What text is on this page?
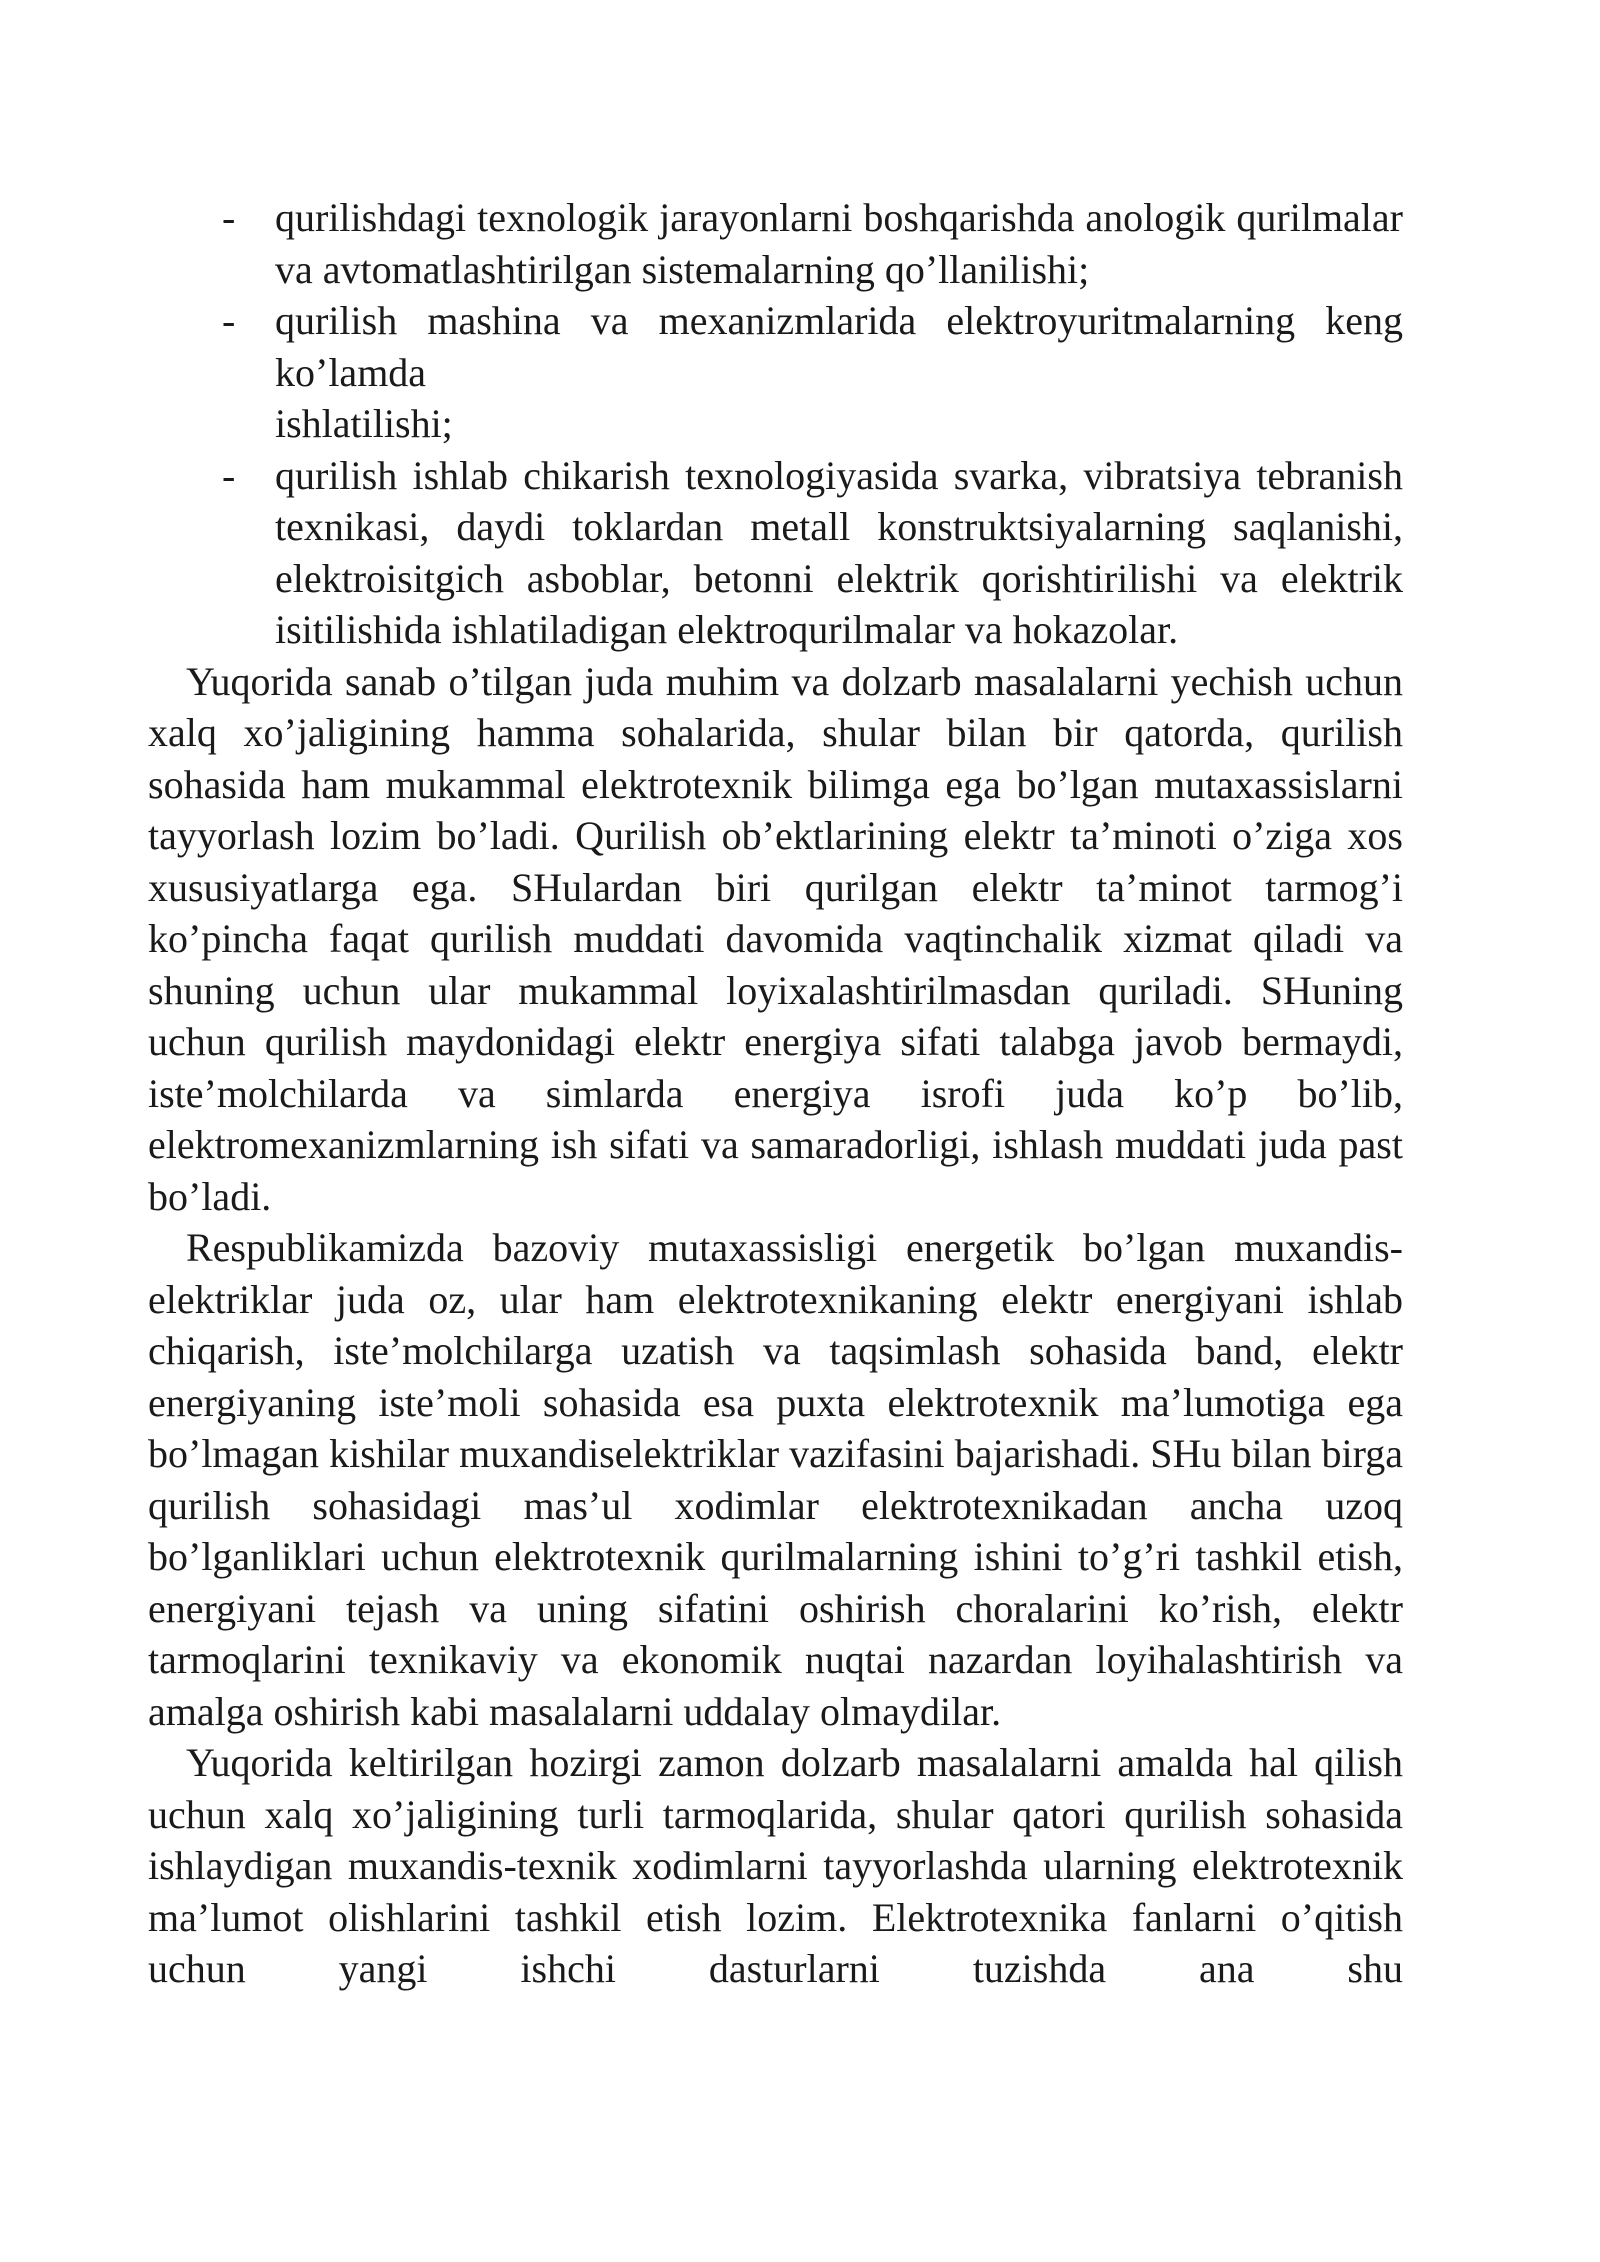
- qurilishdagi texnologik jarayonlarni boshqarishda anologik qurilmalar va avtomatlashtirilgan sistemalarning qo’llanilishi;
- qurilish mashina va mexanizmlarida elektroyuritmalarning keng ko’lamda
ishlatilishi;
- qurilish ishlab chikarish texnologiyasida svarka, vibratsiya tebranish texnikasi, daydi toklardan metall konstruktsiyalarning saqlanishi, elektroisitgich asboblar, betonni elektrik qorishtirilishi va elektrik isitilishida ishlatiladigan elektroqurilmalar va hokazolar.

Yuqorida sanab o’tilgan juda muhim va dolzarb masalalarni yechish uchun xalq xo’jaligining hamma sohalarida, shular bilan bir qatorda, qurilish sohasida ham mukammal elektrotexnik bilimga ega bo’lgan mutaxassislarni tayyorlash lozim bo’ladi. Qurilish ob’ektlarining elektr ta’minoti o’ziga xos xususiyatlarga ega. SHulardan biri qurilgan elektr ta’minot tarmog’i ko’pincha faqat qurilish muddati davomida vaqtinchalik xizmat qiladi va shuning uchun ular mukammal loyixalashtirilmasdan quriladi. SHuning uchun qurilish maydonidagi elektr energiya sifati talabga javob bermaydi, iste’molchilarda va simlarda energiya isrofi juda ko’p bo’lib, elektromexanizmlarning ish sifati va samaradorligi, ishlash muddati juda past bo’ladi.

Respublikamizda bazoviy mutaxassisligi energetik bo’lgan muxandis-elektriklar juda oz, ular ham elektrotexnikaning elektr energiyani ishlab chiqarish, iste’molchilarga uzatish va taqsimlash sohasida band, elektr energiyaning iste’moli sohasida esa puxta elektrotexnik ma’lumotiga ega bo’lmagan kishilar muxandiselektriklar vazifasini bajarishadi. SHu bilan birga qurilish sohasidagi mas’ul xodimlar elektrotexnikadan ancha uzoq bo’lganliklari uchun elektrotexnik qurilmalarning ishini to’g’ri tashkil etish, energiyani tejash va uning sifatini oshirish choralarini ko’rish, elektr tarmoqlarini texnikaviy va ekonomik nuqtai nazardan loyihalashtirish va amalga oshirish kabi masalalarni uddalay olmaydilar.

Yuqorida keltirilgan hozirgi zamon dolzarb masalalarni amalda hal qilish uchun xalq xo’jaligining turli tarmoqlarida, shular qatori qurilish sohasida ishlaydigan muxandis-texnik xodimlarni tayyorlashda ularning elektrotexnik ma’lumot olishlarini tashkil etish lozim. Elektrotexnika fanlarni o’qitish uchun yangi ishchi dasturlarni tuzishda ana shu
